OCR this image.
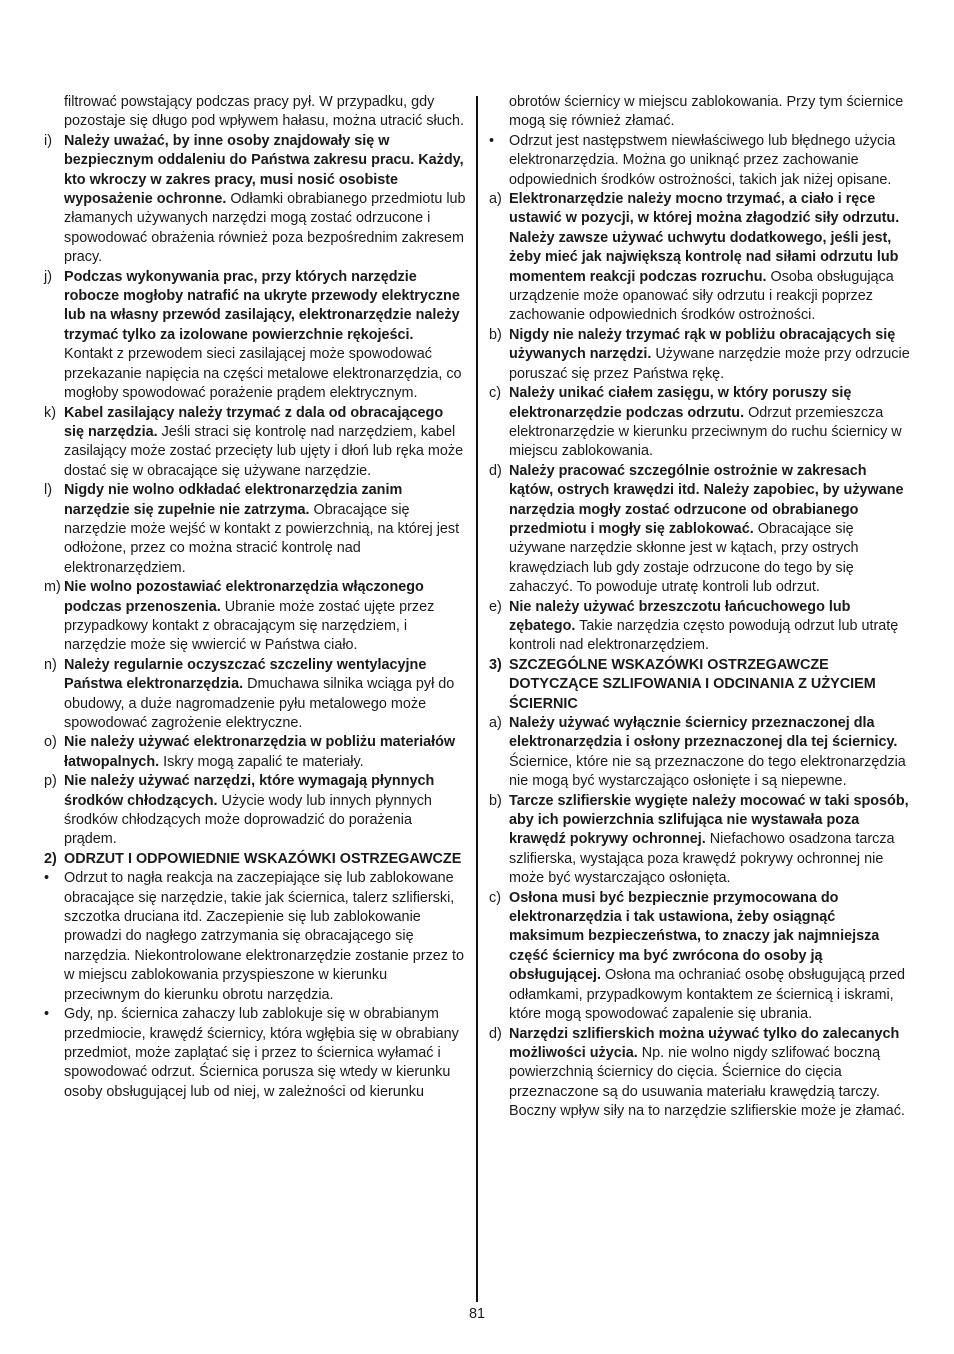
filtrować powstający podczas pracy pył. W przypadku, gdy pozostaje się długo pod wpływem hałasu, można utracić słuch.
i) Należy uważać, by inne osoby znajdowały się w bezpiecznym oddaleniu do Państwa zakresu pracu. Każdy, kto wkroczy w zakres pracy, musi nosić osobiste wyposażenie ochronne. Odłamki obrabianego przedmiotu lub złamanych używanych narzędzi mogą zostać odrzucone i spowodować obrażenia również poza bezpośrednim zakresem pracy.
j) Podczas wykonywania prac, przy których narzędzie robocze mogłoby natrafić na ukryte przewody elektryczne lub na własny przewód zasilający, elektronarzędzie należy trzymać tylko za izolowane powierzchnie rękojeści. Kontakt z przewodem sieci zasilającej może spowodować przekazanie napięcia na części metalowe elektronarzędzia, co mogłoby spowodować porażenie prądem elektrycznym.
k) Kabel zasilający należy trzymać z dala od obracającego się narzędzia. Jeśli straci się kontrolę nad narzędziem, kabel zasilający może zostać przecięty lub ujęty i dłoń lub ręka może dostać się w obracające się używane narzędzie.
l) Nigdy nie wolno odkładać elektronarzędzia zanim narzędzie się zupełnie nie zatrzyma. Obracające się narzędzie może wejść w kontakt z powierzchnią, na której jest odłożone, przez co można stracić kontrolę nad elektronarzędziem.
m) Nie wolno pozostawiać elektronarzędzia włączonego podczas przenoszenia. Ubranie może zostać ujęte przez przypadkowy kontakt z obracającym się narzędziem, i narzędzie może się wwiercić w Państwa ciało.
n) Należy regularnie oczyszczać szczeliny wentylacyjne Państwa elektronarzędzia. Dmuchawa silnika wciąga pył do obudowy, a duże nagromadzenie pyłu metalowego może spowodować zagrożenie elektryczne.
o) Nie należy używać elektronarzędzia w pobliżu materiałów łatwopalnych. Iskry mogą zapalić te materiały.
p) Nie należy używać narzędzi, które wymagają płynnych środków chłodzących. Użycie wody lub innych płynnych środków chłodzących może doprowadzić do porażenia prądem.
2) ODRZUT I ODPOWIEDNIE WSKAZÓWKI OSTRZEGAWCZE
• Odrzut to nagła reakcja na zaczepiające się lub zablokowane obracające się narzędzie, takie jak ściernica, talerz szlifierski, szczotka druciana itd. Zaczepienie się lub zablokowanie prowadzi do nagłego zatrzymania się obracającego się narzędzia. Niekontrolowane elektronarzędzie zostanie przez to w miejscu zablokowania przyspieszone w kierunku przeciwnym do kierunku obrotu narzędzia.
• Gdy, np. ściernica zahaczy lub zablokuje się w obrabianym przedmiocie, krawędź ściernicy, która wgłębia się w obrabiany przedmiot, może zaplątać się i przez to ściernica wyłamać i spowodować odrzut. Ściernica porusza się wtedy w kierunku osoby obsługującej lub od niej, w zależności od kierunku
obrotów ściernicy w miejscu zablokowania. Przy tym ściernice mogą się również złamać.
• Odrzut jest następstwem niewłaściwego lub błędnego użycia elektronarzędzia. Można go uniknąć przez zachowanie odpowiednich środków ostrożności, takich jak niżej opisane.
a) Elektronarzędzie należy mocno trzymać, a ciało i ręce ustawić w pozycji, w której można złagodzić siły odrzutu. Należy zawsze używać uchwytu dodatkowego, jeśli jest, żeby mieć jak największą kontrolę nad siłami odrzutu lub momentem reakcji podczas rozruchu. Osoba obsługująca urządzenie może opanować siły odrzutu i reakcji poprzez zachowanie odpowiednich środków ostrożności.
b) Nigdy nie należy trzymać rąk w pobliżu obracających się używanych narzędzi. Używane narzędzie może przy odrzucie poruszać się przez Państwa rękę.
c) Należy unikać ciałem zasięgu, w który poruszy się elektronarzędzie podczas odrzutu. Odrzut przemieszcza elektronarzędzie w kierunku przeciwnym do ruchu ściernicy w miejscu zablokowania.
d) Należy pracować szczególnie ostrożnie w zakresach kątów, ostrych krawędzi itd. Należy zapobiec, by używane narzędzia mogły zostać odrzucone od obrabianego przedmiotu i mogły się zablokować. Obracające się używane narzędzie skłonne jest w kątach, przy ostrych krawędziach lub gdy zostaje odrzucone do tego by się zahaczyć. To powoduje utratę kontroli lub odrzut.
e) Nie należy używać brzeszczotu łańcuchowego lub zębatego. Takie narzędzia często powodują odrzut lub utratę kontroli nad elektronarzędziem.
3) SZCZEGÓLNE WSKAZÓWKI OSTRZEGAWCZE DOTYCZĄCE SZLIFOWANIA I ODCINANIA Z UŻYCIEM ŚCIERNIC
a) Należy używać wyłącznie ściernicy przeznaczonej dla elektronarzędzia i osłony przeznaczonej dla tej ściernicy. Ściernice, które nie są przeznaczone do tego elektronarzędzia nie mogą być wystarczająco osłonięte i są niepewne.
b) Tarcze szlifierskie wygięte należy mocować w taki sposób, aby ich powierzchnia szlifująca nie wystawała poza krawędź pokrywy ochronnej. Niefachowo osadzona tarcza szlifierska, wystająca poza krawędź pokrywy ochronnej nie może być wystarczająco osłonięta.
c) Osłona musi być bezpiecznie przymocowana do elektronarzędzia i tak ustawiona, żeby osiągnąć maksimum bezpieczeństwa, to znaczy jak najmniejsza część ściernicy ma być zwrócona do osoby ją obsługującej. Osłona ma ochraniać osobę obsługującą przed odłamkami, przypadkowym kontaktem ze ściernicą i iskrami, które mogą spowodować zapalenie się ubrania.
d) Narzędzi szlifierskich można używać tylko do zalecanych możliwości użycia. Np. nie wolno nigdy szlifować boczną powierzchnią ściernicy do cięcia. Ściernice do cięcia przeznaczone są do usuwania materiału krawędzią tarczy. Boczny wpływ siły na to narzędzie szlifierskie może je złamać.
81
